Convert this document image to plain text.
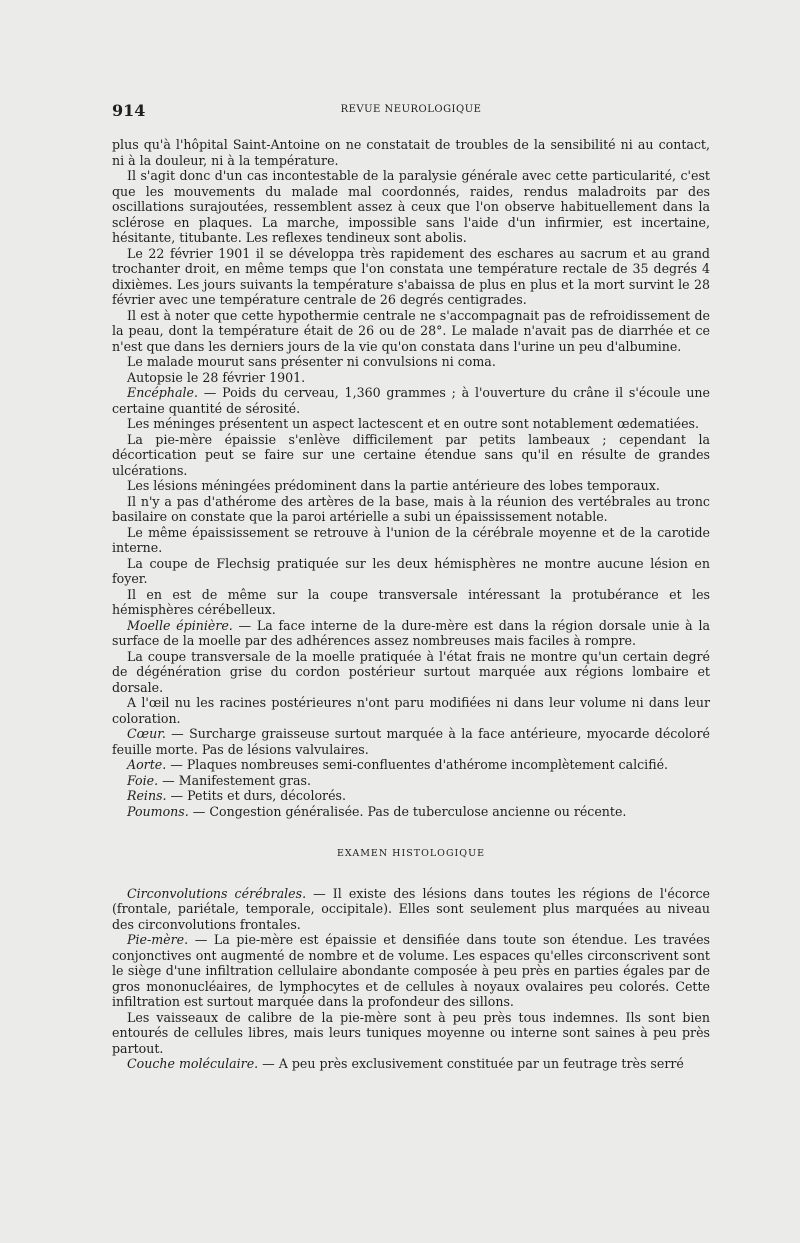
914	REVUE NEUROLOGIQUE

plus qu'à l'hôpital Saint-Antoine on ne constatait de troubles de la sensibilité ni au contact, ni à la douleur, ni à la température.

Il s'agit donc d'un cas incontestable de la paralysie générale avec cette particularité, c'est que les mouvements du malade mal coordonnés, raides, rendus maladroits par des oscillations surajoutées, ressemblent assez à ceux que l'on observe habituellement dans la sclérose en plaques. La marche, impossible sans l'aide d'un infirmier, est incertaine, hésitante, titubante. Les reflexes tendineux sont abolis.

Le 22 février 1901 il se développa très rapidement des eschares au sacrum et au grand trochanter droit, en même temps que l'on constata une température rectale de 35 degrés 4 dixièmes. Les jours suivants la température s'abaissa de plus en plus et la mort survint le 28 février avec une température centrale de 26 degrés centigrades.

Il est à noter que cette hypothermie centrale ne s'accompagnait pas de refroidissement de la peau, dont la température était de 26 ou de 28°. Le malade n'avait pas de diarrhée et ce n'est que dans les derniers jours de la vie qu'on constata dans l'urine un peu d'albumine.

Le malade mourut sans présenter ni convulsions ni coma.

Autopsie le 28 février 1901.

Encéphale. — Poids du cerveau, 1,360 grammes ; à l'ouverture du crâne il s'écoule une certaine quantité de sérosité.

Les méninges présentent un aspect lactescent et en outre sont notablement œdematiées.

La pie-mère épaissie s'enlève difficilement par petits lambeaux ; cependant la décortication peut se faire sur une certaine étendue sans qu'il en résulte de grandes ulcérations.

Les lésions méningées prédominent dans la partie antérieure des lobes temporaux.

Il n'y a pas d'athérome des artères de la base, mais à la réunion des vertébrales au tronc basilaire on constate que la paroi artérielle a subi un épaississement notable.

Le même épaississement se retrouve à l'union de la cérébrale moyenne et de la carotide interne.

La coupe de Flechsig pratiquée sur les deux hémisphères ne montre aucune lésion en foyer.

Il en est de même sur la coupe transversale intéressant la protubérance et les hémisphères cérébelleux.

Moelle épinière. — La face interne de la dure-mère est dans la région dorsale unie à la surface de la moelle par des adhérences assez nombreuses mais faciles à rompre.

La coupe transversale de la moelle pratiquée à l'état frais ne montre qu'un certain degré de dégénération grise du cordon postérieur surtout marquée aux régions lombaire et dorsale.

A l'œil nu les racines postérieures n'ont paru modifiées ni dans leur volume ni dans leur coloration.

Cœur. — Surcharge graisseuse surtout marquée à la face antérieure, myocarde décoloré feuille morte. Pas de lésions valvulaires.

Aorte. — Plaques nombreuses semi-confluentes d'athérome incomplètement calcifié.

Foie. — Manifestement gras.

Reins. — Petits et durs, décolorés.

Poumons. — Congestion généralisée. Pas de tuberculose ancienne ou récente.

EXAMEN HISTOLOGIQUE

Circonvolutions cérébrales. — Il existe des lésions dans toutes les régions de l'écorce (frontale, pariétale, temporale, occipitale). Elles sont seulement plus marquées au niveau des circonvolutions frontales.

Pie-mère. — La pie-mère est épaissie et densifiée dans toute son étendue. Les travées conjonctives ont augmenté de nombre et de volume. Les espaces qu'elles circonscrivent sont le siège d'une infiltration cellulaire abondante composée à peu près en parties égales par de gros mononucléaires, de lymphocytes et de cellules à noyaux ovalaires peu colorés. Cette infiltration est surtout marquée dans la profondeur des sillons.

Les vaisseaux de calibre de la pie-mère sont à peu près tous indemnes. Ils sont bien entourés de cellules libres, mais leurs tuniques moyenne ou interne sont saines à peu près partout.

Couche moléculaire. — A peu près exclusivement constituée par un feutrage très serré
